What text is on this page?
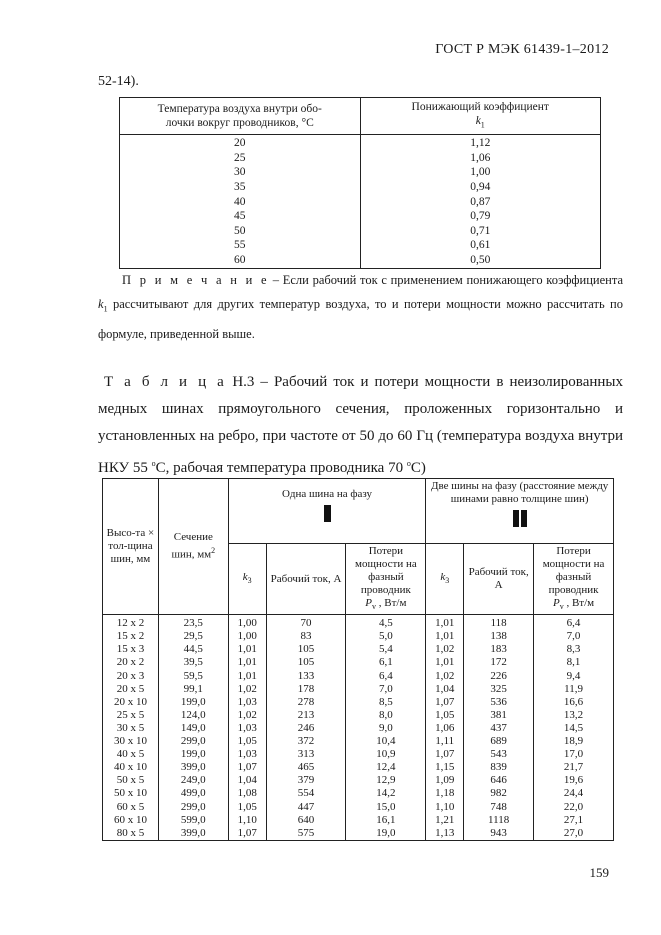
ГОСТ Р МЭК 61439-1–2012
52-14).
Температура воздуха внутри обо-
лочки вокруг проводников, °С	Понижающий коэффициент
$k_1$
20	1,12
25	1,06
30	1,00
35	0,94
40	0,87
45	0,79
50	0,71
55	0,61
60	0,50
П р и м е ч а н и е – Если рабочий ток с применением понижающего коэффициента $k_1$ рассчитывают для других температур воздуха, то и потери мощности можно рассчитать по формуле, приведенной выше.
Т а б л и ц а Н.3 – Рабочий ток и потери мощности в неизолированных медных шинах прямоугольного сечения, проложенных горизонтально и установленных на ребро, при частоте от 50 до 60 Гц (температура воздуха внутри НКУ 55 $^о$С, рабочая температура проводника 70 $^о$С)
Высо-та × тол-щина шин, мм	Сечение шин, $мм^2$	Одна шина на фазу			Две шины на фазу (расстояние между шинами равно толщине шин)		

		$k_3$	Рабочий ток, А	Потери мощности на фазный проводник
$P_v$ , Вт/м	$k_3$	Рабочий ток, А	Потери мощности на фазный проводник
$P_v$ , Вт/м
12 x 2	23,5	1,00	70	4,5	1,01	118	6,4
15 x 2	29,5	1,00	83	5,0	1,01	138	7,0
15 x 3	44,5	1,01	105	5,4	1,02	183	8,3
20 x 2	39,5	1,01	105	6,1	1,01	172	8,1
20 x 3	59,5	1,01	133	6,4	1,02	226	9,4
20 x 5	99,1	1,02	178	7,0	1,04	325	11,9
20 x 10	199,0	1,03	278	8,5	1,07	536	16,6
25 x 5	124,0	1,02	213	8,0	1,05	381	13,2
30 x 5	149,0	1,03	246	9,0	1,06	437	14,5
30 x 10	299,0	1,05	372	10,4	1,11	689	18,9
40 x 5	199,0	1,03	313	10,9	1,07	543	17,0
40 x 10	399,0	1,07	465	12,4	1,15	839	21,7
50 x 5	249,0	1,04	379	12,9	1,09	646	19,6
50 x 10	499,0	1,08	554	14,2	1,18	982	24,4
60 x 5	299,0	1,05	447	15,0	1,10	748	22,0
60 x 10	599,0	1,10	640	16,1	1,21	1118	27,1
80 x 5	399,0	1,07	575	19,0	1,13	943	27,0
159
